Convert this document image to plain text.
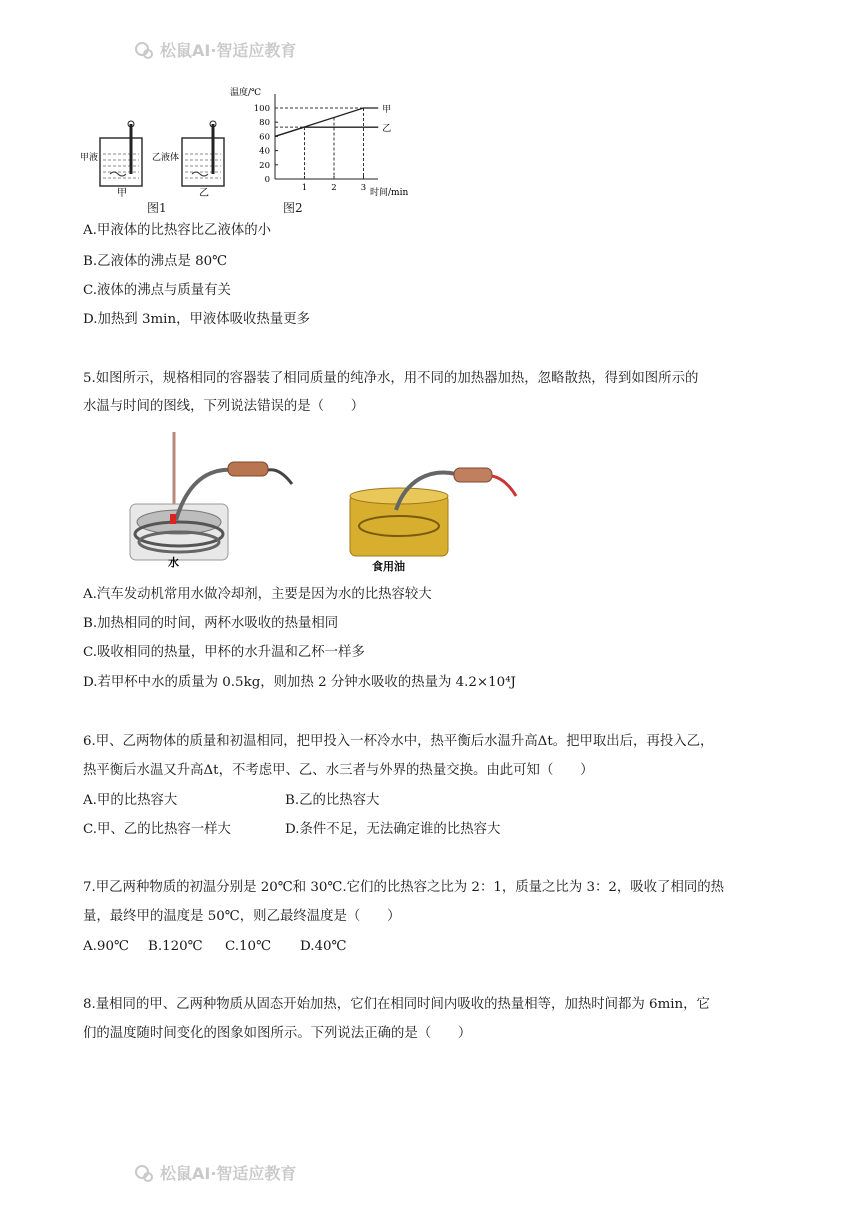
松鼠AI·智适应教育
甲液	乙液体
甲	乙
图1
温度/℃
时间/min
0
20
40
60
80
100
1	2	3
甲
乙
图2
A.甲液体的比热容比乙液体的小
B.乙液体的沸点是 80℃
C.液体的沸点与质量有关
D.加热到 3min，甲液体吸收热量更多
5.如图所示，规格相同的容器装了相同质量的纯净水，用不同的加热器加热，忽略散热，得到如图所示的
水温与时间的图线，下列说法错误的是（　　）
水	食用油
A.汽车发动机常用水做冷却剂，主要是因为水的比热容较大
B.加热相同的时间，两杯水吸收的热量相同
C.吸收相同的热量，甲杯的水升温和乙杯一样多
D.若甲杯中水的质量为 0.5kg，则加热 2 分钟水吸收的热量为 4.2×10⁴J
6.甲、乙两物体的质量和初温相同，把甲投入一杯冷水中，热平衡后水温升高Δt。把甲取出后，再投入乙，
热平衡后水温又升高Δt，不考虑甲、乙、水三者与外界的热量交换。由此可知（　　）
A.甲的比热容大	B.乙的比热容大
C.甲、乙的比热容一样大	D.条件不足，无法确定谁的比热容大
7.甲乙两种物质的初温分别是 20℃和 30℃.它们的比热容之比为 2：1，质量之比为 3：2，吸收了相同的热
量，最终甲的温度是 50℃，则乙最终温度是（　　）
A.90℃ B.120℃ C.10℃ D.40℃
8.量相同的甲、乙两种物质从固态开始加热，它们在相同时间内吸收的热量相等，加热时间都为 6min，它
们的温度随时间变化的图象如图所示。下列说法正确的是（　　）
松鼠AI·智适应教育
